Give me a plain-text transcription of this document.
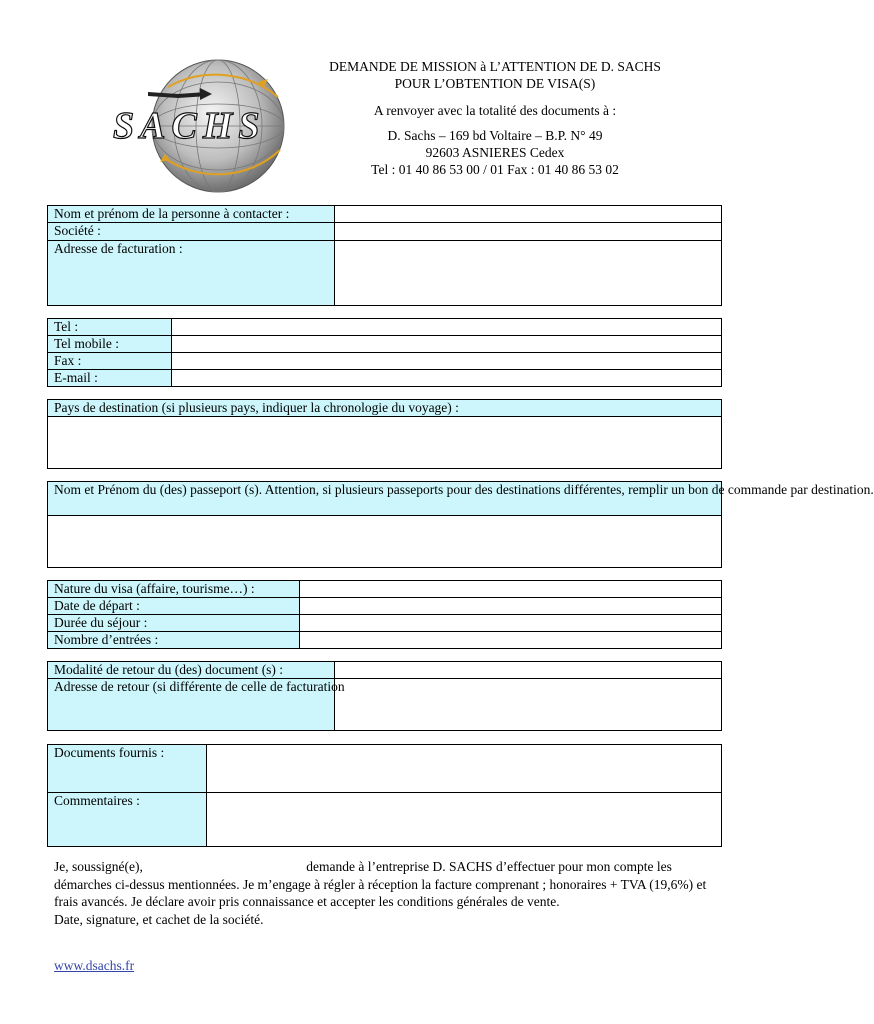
SACHS
DEMANDE DE MISSION à L’ATTENTION DE D. SACHS
POUR L’OBTENTION DE VISA(S)
A renvoyer avec la totalité des documents à :
D. Sachs – 169 bd Voltaire – B.P. N° 49
92603 ASNIERES Cedex
Tel : 01 40 86 53 00 / 01 Fax : 01 40 86 53 02
Nom et prénom de la personne à contacter :	
Société :	
Adresse de facturation :	
Tel :	
Tel mobile :	
Fax :	
E-mail :	
Pays de destination (si plusieurs pays, indiquer la chronologie du voyage) :

Nom et Prénom du (des) passeport (s). Attention, si plusieurs passeports pour des destinations différentes, remplir un bon de commande par destination.

Nature du visa (affaire, tourisme…) :	
Date de départ :	
Durée du séjour :	
Nombre d’entrées :	
Modalité de retour du (des) document (s) :	
Adresse de retour (si différente de celle de facturation	
Documents fournis :	
Commentaires :	

Je, soussigné(e),	demande à l’entreprise D. SACHS d’effectuer pour mon compte les démarches ci-dessus mentionnées. Je m’engage à régler à réception la facture comprenant ; honoraires + TVA (19,6%) et frais avancés. Je déclare avoir pris connaissance et accepter les conditions générales de vente.

Date, signature, et cachet de la société.

www.dsachs.fr
